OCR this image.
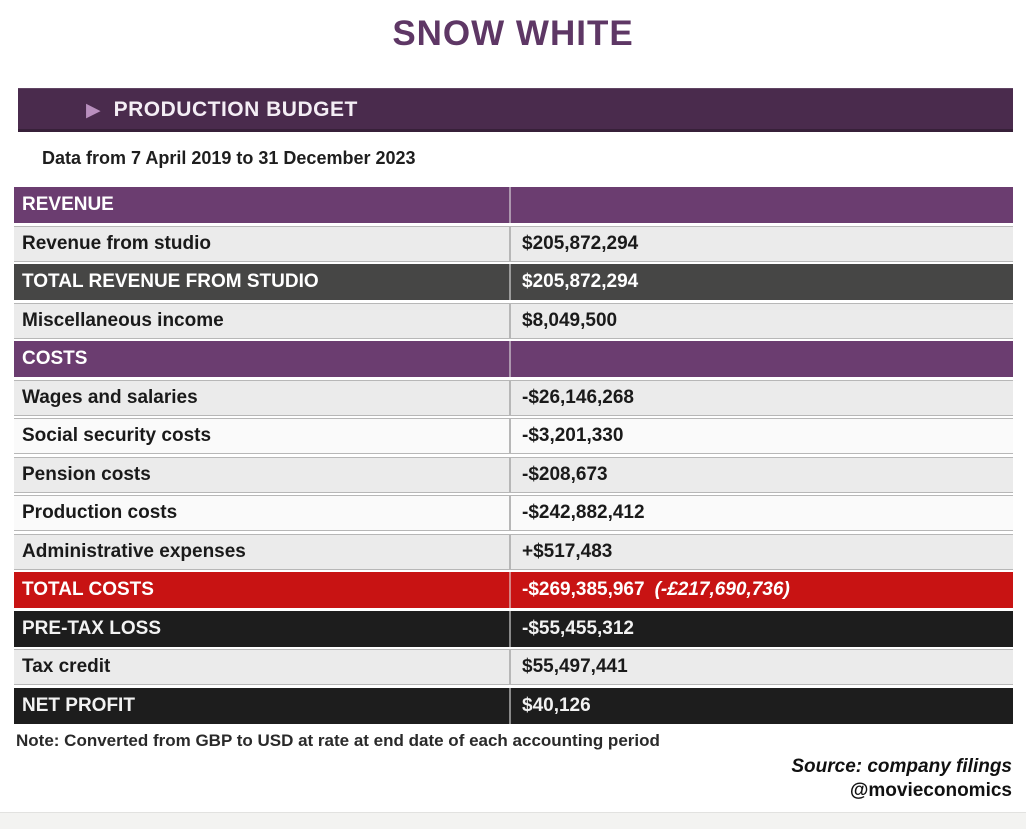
SNOW WHITE
▶ PRODUCTION BUDGET
Data from 7 April 2019 to 31 December 2023
REVENUE
Revenue from studio	$205,872,294
TOTAL REVENUE FROM STUDIO	$205,872,294
Miscellaneous income	$8,049,500
COSTS
Wages and salaries	-$26,146,268
Social security costs	-$3,201,330
Pension costs	-$208,673
Production costs	-$242,882,412
Administrative expenses	+$517,483
TOTAL COSTS	-$269,385,967 (-£217,690,736)
PRE-TAX LOSS	-$55,455,312
Tax credit	$55,497,441
NET PROFIT	$40,126
Note: Converted from GBP to USD at rate at end date of each accounting period
Source: company filings
@movieconomics
